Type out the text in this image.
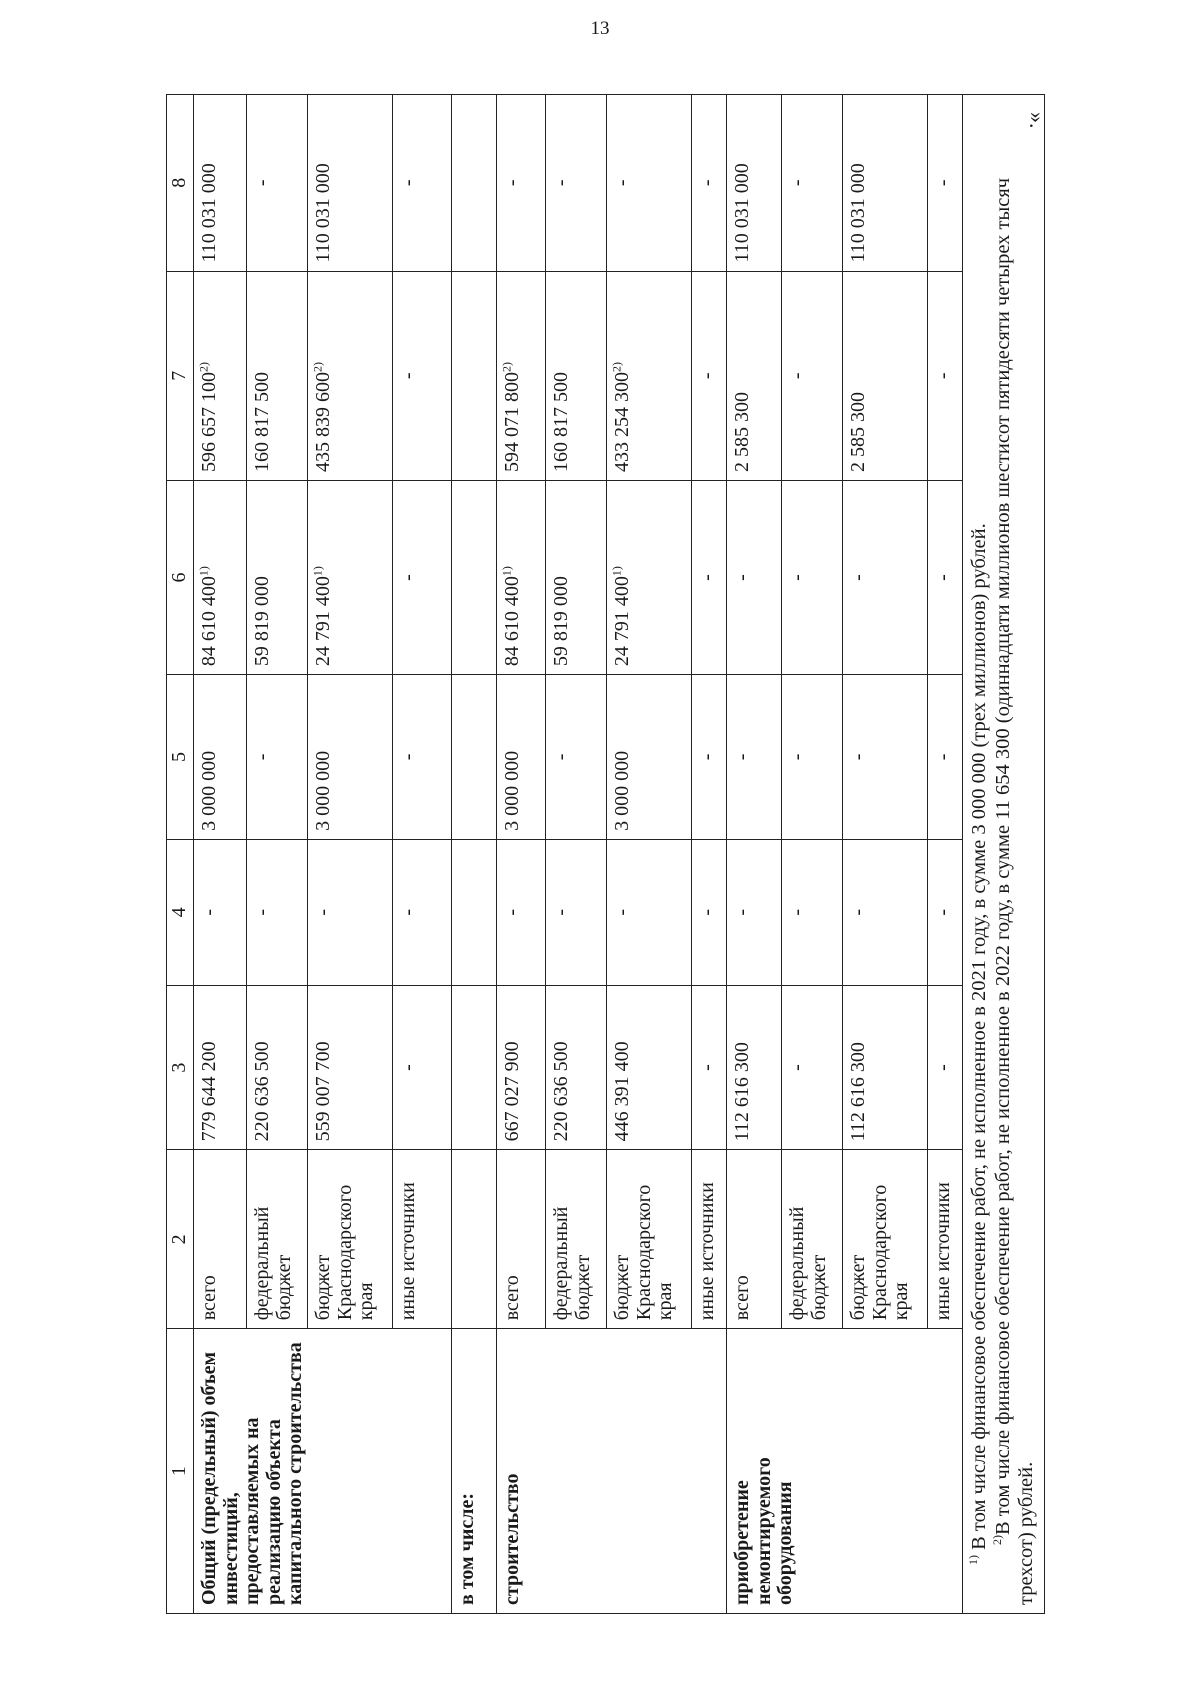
13
».
1	2	3	4	5	6	7	8
Общий (предельный) объем инвестиций, предоставляемых на реализацию объекта капитального строительства	всего	779 644 200	-	3 000 000	84 610 400$^{1)}$	596 657 100$^{2)}$	110 031 000
	федеральный бюджет	220 636 500	-	-	59 819 000	160 817 500	-
	бюджет Краснодарского края	559 007 700	-	3 000 000	24 791 400$^{1)}$	435 839 600$^{2)}$	110 031 000
	иные источники	-	-	-	-	-	-
в том числе:							
строительство	всего	667 027 900	-	3 000 000	84 610 400$^{1)}$	594 071 800$^{2)}$	-
	федеральный бюджет	220 636 500	-	-	59 819 000	160 817 500	-
	бюджет Краснодарского края	446 391 400	-	3 000 000	24 791 400$^{1)}$	433 254 300$^{2)}$	-
	иные источники	-	-	-	-	-	-
приобретение немонтируемого оборудования	всего	112 616 300	-	-	-	2 585 300	110 031 000
	федеральный бюджет	-	-	-	-	-	-
	бюджет Краснодарского края	112 616 300	-	-	-	2 585 300	110 031 000
	иные источники	-	-	-	-	-	-

$^{1)}$ В том числе финансовое обеспечение работ, не исполненное в 2021 году, в сумме 3 000 000 (трех миллионов) рублей. $^{2)}$В том числе финансовое обеспечение работ, не исполненное в 2022 году, в сумме 11 654 300 (одиннадцати миллионов шестисот пятидесяти четырех тысяч трехсот) рублей.							
